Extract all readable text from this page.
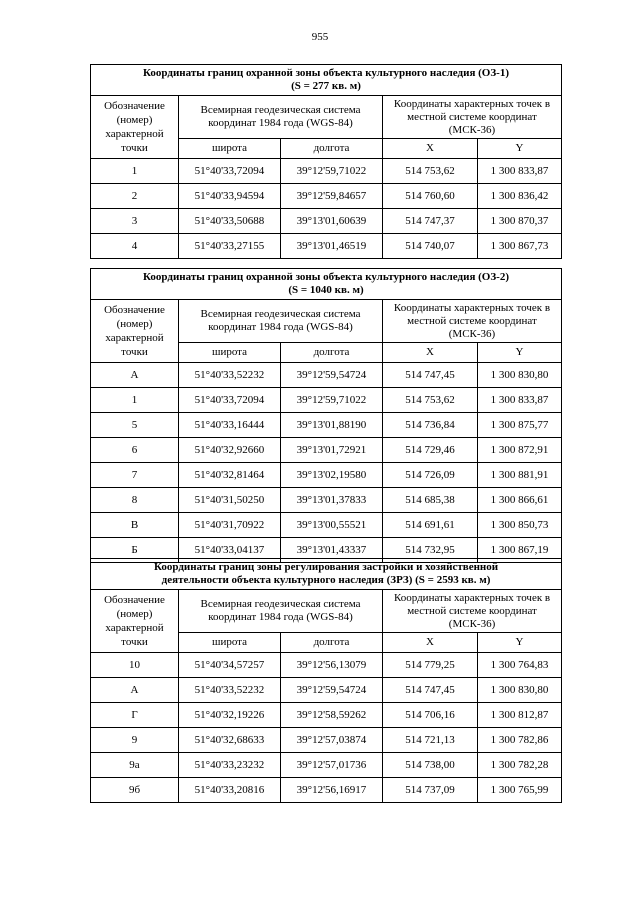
955
Координаты границ охранной зоны объекта культурного наследия (ОЗ-1)
(S = 277 кв. м)				
Обозначение (номер) характерной точки	Всемирная геодезическая система координат 1984 года (WGS-84)		Координаты характерных точек в местной системе координат (МСК-36)	
	широта	долгота	X	Y
1	51°40'33,72094	39°12'59,71022	514 753,62	1 300 833,87
2	51°40'33,94594	39°12'59,84657	514 760,60	1 300 836,42
3	51°40'33,50688	39°13'01,60639	514 747,37	1 300 870,37
4	51°40'33,27155	39°13'01,46519	514 740,07	1 300 867,73
Координаты границ охранной зоны объекта культурного наследия (ОЗ-2)
(S = 1040 кв. м)				
Обозначение (номер) характерной точки	Всемирная геодезическая система координат 1984 года (WGS-84)		Координаты характерных точек в местной системе координат (МСК-36)	
	широта	долгота	X	Y
А	51°40'33,52232	39°12'59,54724	514 747,45	1 300 830,80
1	51°40'33,72094	39°12'59,71022	514 753,62	1 300 833,87
5	51°40'33,16444	39°13'01,88190	514 736,84	1 300 875,77
6	51°40'32,92660	39°13'01,72921	514 729,46	1 300 872,91
7	51°40'32,81464	39°13'02,19580	514 726,09	1 300 881,91
8	51°40'31,50250	39°13'01,37833	514 685,38	1 300 866,61
В	51°40'31,70922	39°13'00,55521	514 691,61	1 300 850,73
Б	51°40'33,04137	39°13'01,43337	514 732,95	1 300 867,19
Координаты границ зоны регулирования застройки и хозяйственной
деятельности объекта культурного наследия (ЗРЗ) (S = 2593 кв. м)				
Обозначение (номер) характерной точки	Всемирная геодезическая система координат 1984 года (WGS-84)		Координаты характерных точек в местной системе координат (МСК-36)	
	широта	долгота	X	Y
10	51°40'34,57257	39°12'56,13079	514 779,25	1 300 764,83
А	51°40'33,52232	39°12'59,54724	514 747,45	1 300 830,80
Г	51°40'32,19226	39°12'58,59262	514 706,16	1 300 812,87
9	51°40'32,68633	39°12'57,03874	514 721,13	1 300 782,86
9а	51°40'33,23232	39°12'57,01736	514 738,00	1 300 782,28
9б	51°40'33,20816	39°12'56,16917	514 737,09	1 300 765,99
